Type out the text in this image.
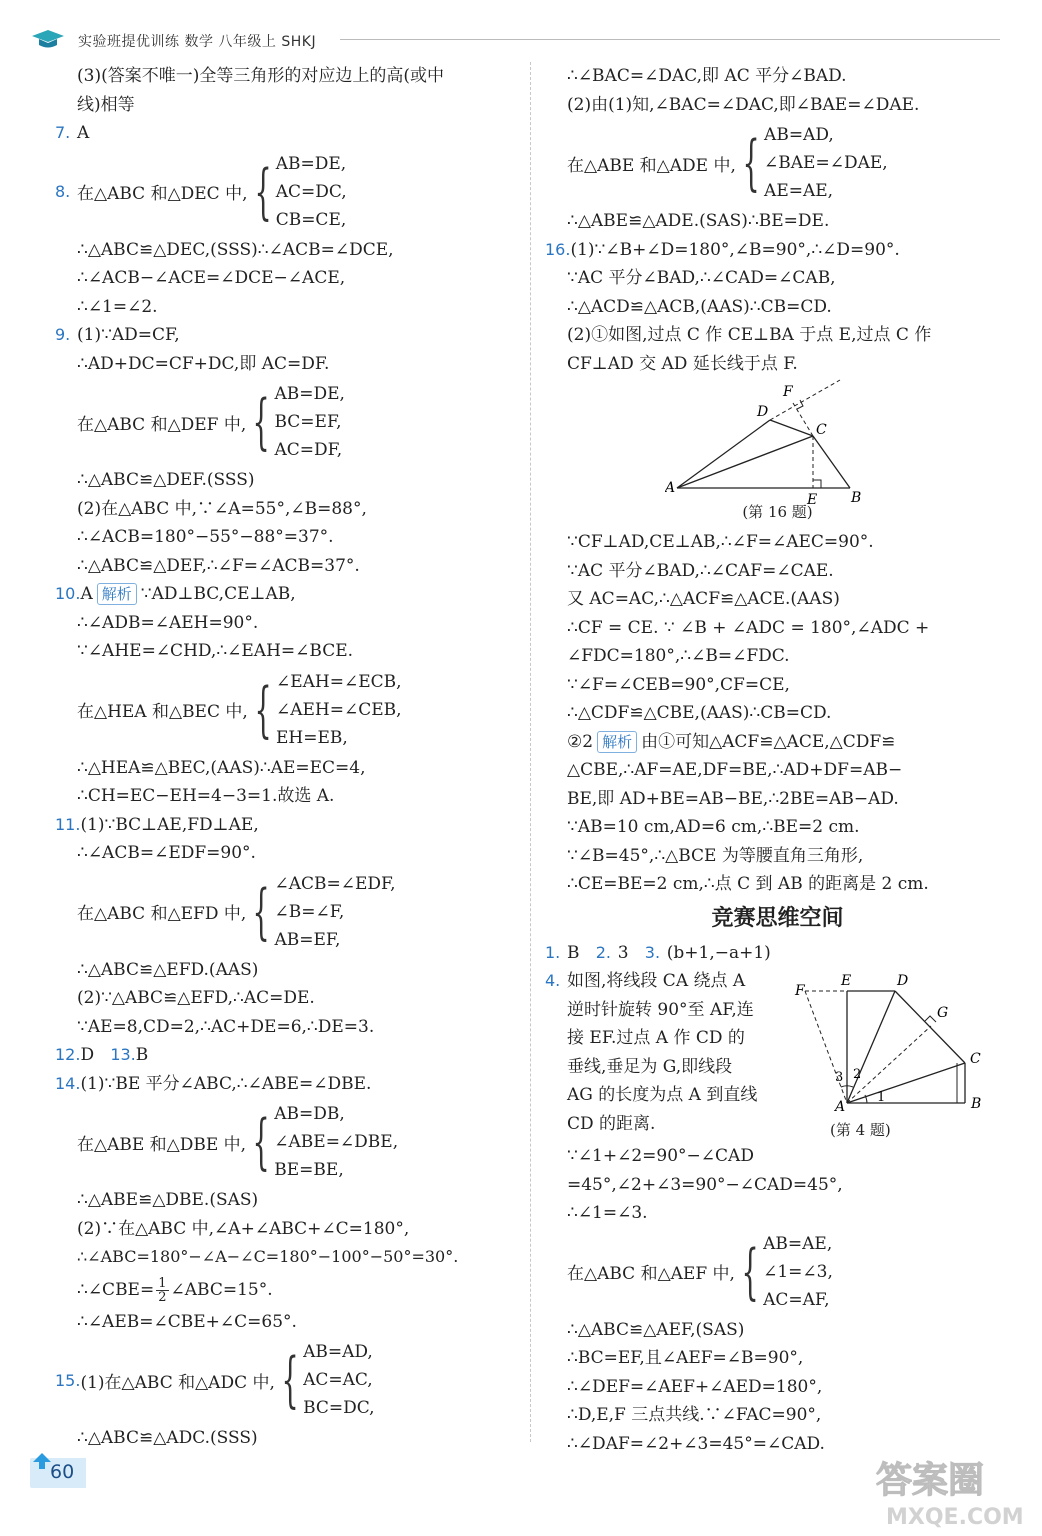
实验班提优训练 数学 八年级上 SHKJ
(3)(答案不唯一)全等三角形的对应边上的高(或中
线)相等
7. A
8. 在△ABC 和△DEC 中, { AB=DE,
AC=DC,
CB=CE,
∴△ABC≌△DEC,(SSS)∴∠ACB=∠DCE,
∴∠ACB−∠ACE=∠DCE−∠ACE,
∴∠1=∠2.
9. (1)∵AD=CF,
∴AD+DC=CF+DC,即 AC=DF.
在△ABC 和△DEF 中, { AB=DE,
BC=EF,
AC=DF,
∴△ABC≌△DEF.(SSS)
(2)在△ABC 中,∵∠A=55°,∠B=88°,
∴∠ACB=180°−55°−88°=37°.
∴△ABC≌△DEF,∴∠F=∠ACB=37°.
10.A 解析 ∵AD⊥BC,CE⊥AB,
∴∠ADB=∠AEH=90°.
∵∠AHE=∠CHD,∴∠EAH=∠BCE.
在△HEA 和△BEC 中, { ∠EAH=∠ECB,
∠AEH=∠CEB,
EH=EB,
∴△HEA≌△BEC,(AAS)∴AE=EC=4,
∴CH=EC−EH=4−3=1.故选 A.
11.(1)∵BC⊥AE,FD⊥AE,
∴∠ACB=∠EDF=90°.
在△ABC 和△EFD 中, { ∠ACB=∠EDF,
∠B=∠F,
AB=EF,
∴△ABC≌△EFD.(AAS)
(2)∵△ABC≌△EFD,∴AC=DE.
∵AE=8,CD=2,∴AC+DE=6,∴DE=3.
12.D 13.B
14.(1)∵BE 平分∠ABC,∴∠ABE=∠DBE.
在△ABE 和△DBE 中, { AB=DB,
∠ABE=∠DBE,
BE=BE,
∴△ABE≌△DBE.(SAS)
(2)∵在△ABC 中,∠A+∠ABC+∠C=180°,
∴∠ABC=180°−∠A−∠C=180°−100°−50°=30°.
∴∠CBE= $\frac{1}{2}$ ∠ABC=15°.
∴∠AEB=∠CBE+∠C=65°.
15. (1)在△ABC 和△ADC 中, { AB=AD,
AC=AC,
BC=DC,
∴△ABC≌△ADC.(SSS)
∴∠BAC=∠DAC,即 AC 平分∠BAD.
(2)由(1)知,∠BAC=∠DAC,即∠BAE=∠DAE.
在△ABE 和△ADE 中, { AB=AD,
∠BAE=∠DAE,
AE=AE,
∴△ABE≌△ADE.(SAS)∴BE=DE.
16.(1)∵∠B+∠D=180°,∠B=90°,∴∠D=90°.
∵AC 平分∠BAD,∴∠CAD=∠CAB,
∴△ACD≌△ACB,(AAS)∴CB=CD.
(2)①如图,过点 C 作 CE⊥BA 于点 E,过点 C 作
CF⊥AD 交 AD 延长线于点 F.
F
D
C
A
E B
(第 16 题)
∵CF⊥AD,CE⊥AB,∴∠F=∠AEC=90°.
∵AC 平分∠BAD,∴∠CAF=∠CAE.
又 AC=AC,∴△ACF≌△ACE.(AAS)
∴CF = CE. ∵ ∠B + ∠ADC = 180°,∠ADC +
∠FDC=180°,∴∠B=∠FDC.
∵∠F=∠CEB=90°,CF=CE,
∴△CDF≌△CBE,(AAS)∴CB=CD.
②2 解析 由①可知△ACF≌△ACE,△CDF≌
△CBE,∴AF=AE,DF=BE,∴AD+DF=AB−
BE,即 AD+BE=AB−BE,∴2BE=AB−AD.
∵AB=10 cm,AD=6 cm,∴BE=2 cm.
∵∠B=45°,∴△BCE 为等腰直角三角形,
∴CE=BE=2 cm,∴点 C 到 AB 的距离是 2 cm.
竞赛思维空间
1. B 2. 3 3. (b+1,−a+1)
4. 如图,将线段 CA 绕点 A
逆时针旋转 90°至 AF,连
接 EF.过点 A 作 CD 的
垂线,垂足为 G,即线段
AG 的长度为点 A 到直线
CD 的距离.
F
E	D
G
C
A	B
1
2
3
(第 4 题)
∵∠1+∠2=90°−∠CAD
=45°,∠2+∠3=90°−∠CAD=45°,
∴∠1=∠3.
在△ABC 和△AEF 中, { AB=AE,
∠1=∠3,
AC=AF,
∴△ABC≌△AEF,(SAS)
∴BC=EF,且∠AEF=∠B=90°,
∴∠DEF=∠AEF+∠AED=180°,
∴D,E,F 三点共线.∵∠FAC=90°,
∴∠DAF=∠2+∠3=45°=∠CAD.
60	答案圈
MXQE.COM
